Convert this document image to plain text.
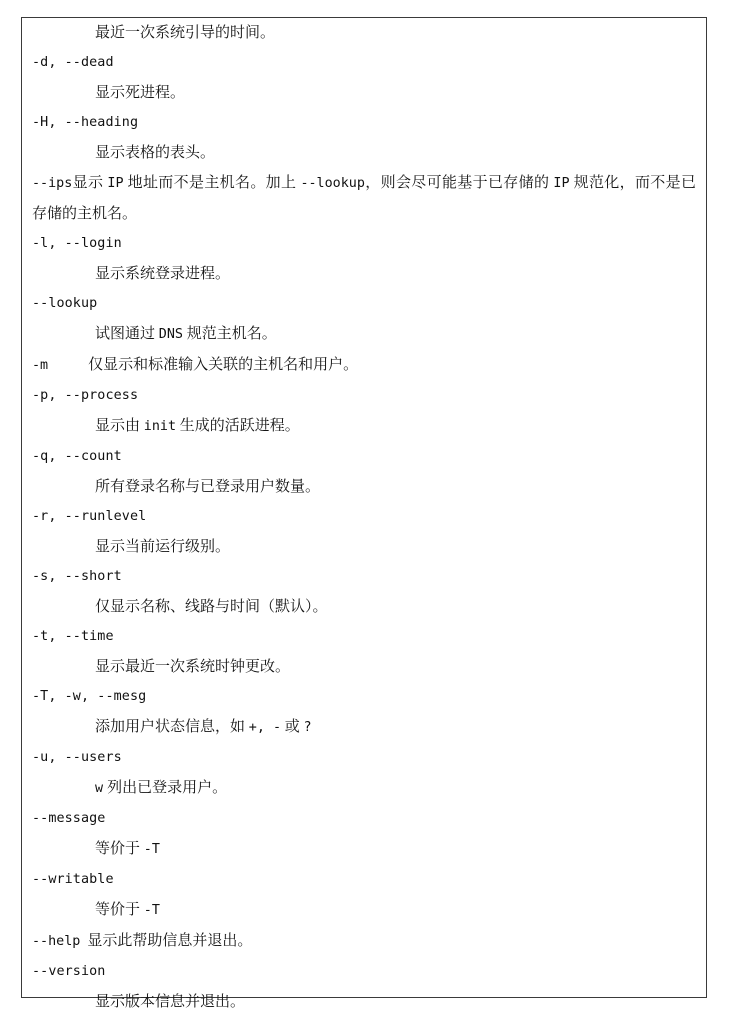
最近一次系统引导的时间。
-d, --dead
显示死进程。
-H, --heading
显示表格的表头。
--ips显示 IP 地址而不是主机名。加上 --lookup，则会尽可能基于已存储的 IP 规范化，而不是已存储的主机名。
-l, --login
显示系统登录进程。
--lookup
试图通过 DNS 规范主机名。
-m	仅显示和标准输入关联的主机名和用户。
-p, --process
显示由 init 生成的活跃进程。
-q, --count
所有登录名称与已登录用户数量。
-r, --runlevel
显示当前运行级别。
-s, --short
仅显示名称、线路与时间（默认）。
-t, --time
显示最近一次系统时钟更改。
-T, -w, --mesg
添加用户状态信息，如 +, - 或 ?
-u, --users
w 列出已登录用户。
--message
等价于 -T
--writable
等价于 -T
--help 显示此帮助信息并退出。
--version
显示版本信息并退出。
